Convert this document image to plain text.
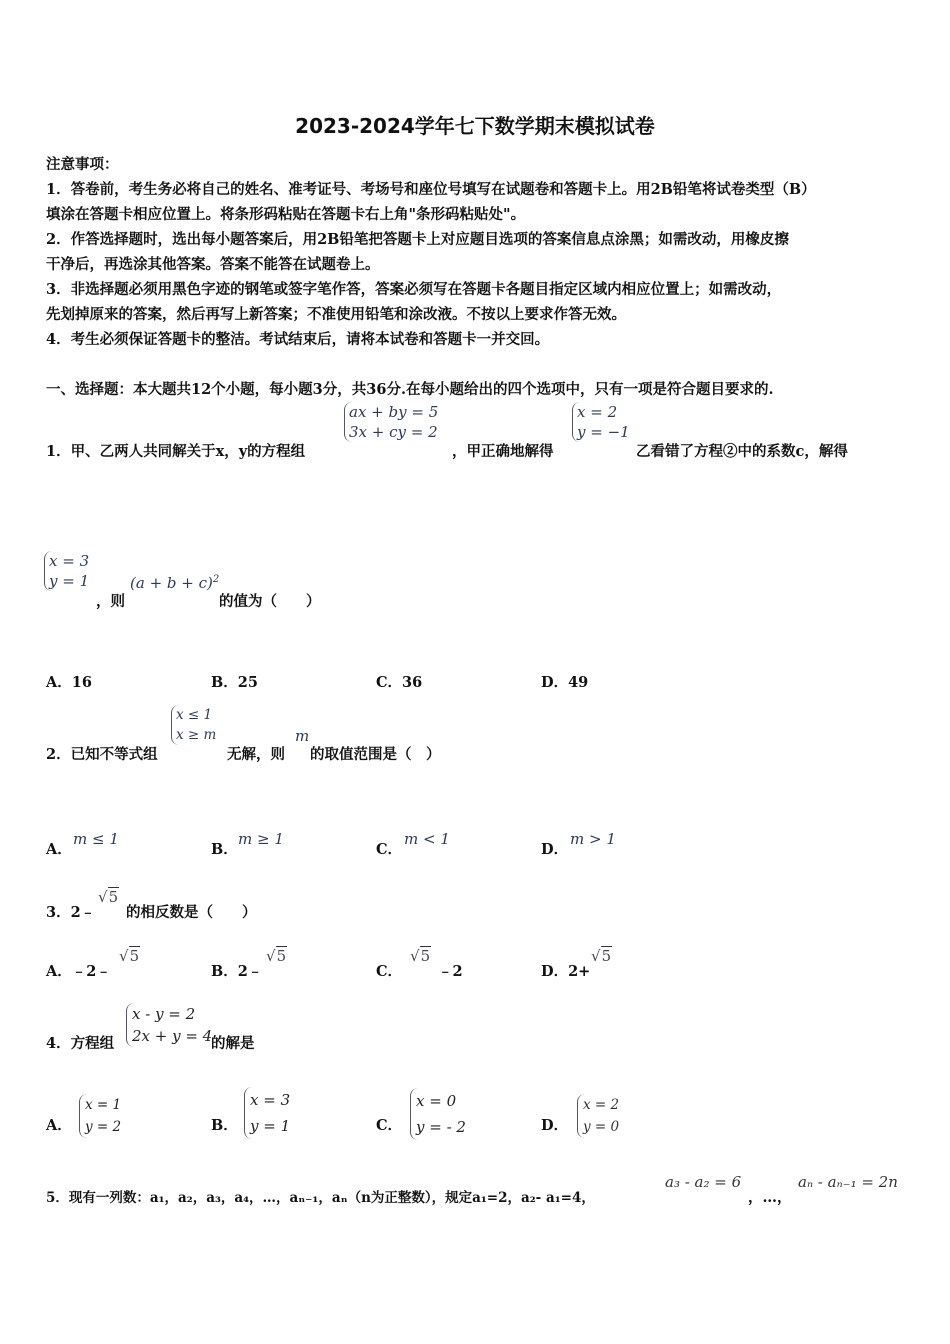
2023-2024学年七下数学期末模拟试卷
注意事项：
1．答卷前，考生务必将自己的姓名、准考证号、考场号和座位号填写在试题卷和答题卡上。用2B铅笔将试卷类型（B）
填涂在答题卡相应位置上。将条形码粘贴在答题卡右上角"条形码粘贴处"。
2．作答选择题时，选出每小题答案后，用2B铅笔把答题卡上对应题目选项的答案信息点涂黑；如需改动，用橡皮擦
干净后，再选涂其他答案。答案不能答在试题卷上。
3．非选择题必须用黑色字迹的钢笔或签字笔作答，答案必须写在答题卡各题目指定区域内相应位置上；如需改动，
先划掉原来的答案，然后再写上新答案；不准使用铅笔和涂改液。不按以上要求作答无效。
4．考生必须保证答题卡的整洁。考试结束后，请将本试卷和答题卡一并交回。
一、选择题：本大题共12个小题，每小题3分，共36分.在每小题给出的四个选项中，只有一项是符合题目要求的.
1．甲、乙两人共同解关于x，y的方程组
ax + by = 5
3x + cy = 2
，甲正确地解得
x = 2
y = −1
乙看错了方程②中的系数c，解得
x = 3
y = 1
，则
$(a + b + c)^2$
的值为（　　）
A．16	B．25	C．36	D．49
2．已知不等式组
x ≤ 1
x ≥ m
无解，则
m
的取值范围是（　）
A．
m ≤ 1
B．
m ≥ 1
C．
m < 1
D．
m > 1
3．2﹣
√5
的相反数是（　　）
A．﹣2﹣
√5
B．2﹣
√5
C．
√5
﹣2	D．2+
√5
4．方程组
x - y = 2
2x + y = 4
的解是
A．
x = 1
y = 2	B．
x = 3
y = 1	C．
x = 0
y = - 2	D．
x = 2
y = 0
5．现有一列数：a₁，a₂，a₃，a₄，…，aₙ₋₁，aₙ（n为正整数），规定a₁=2，a₂- a₁=4，
a₃ - a₂ = 6
，…，
aₙ - aₙ₋₁ = 2n
